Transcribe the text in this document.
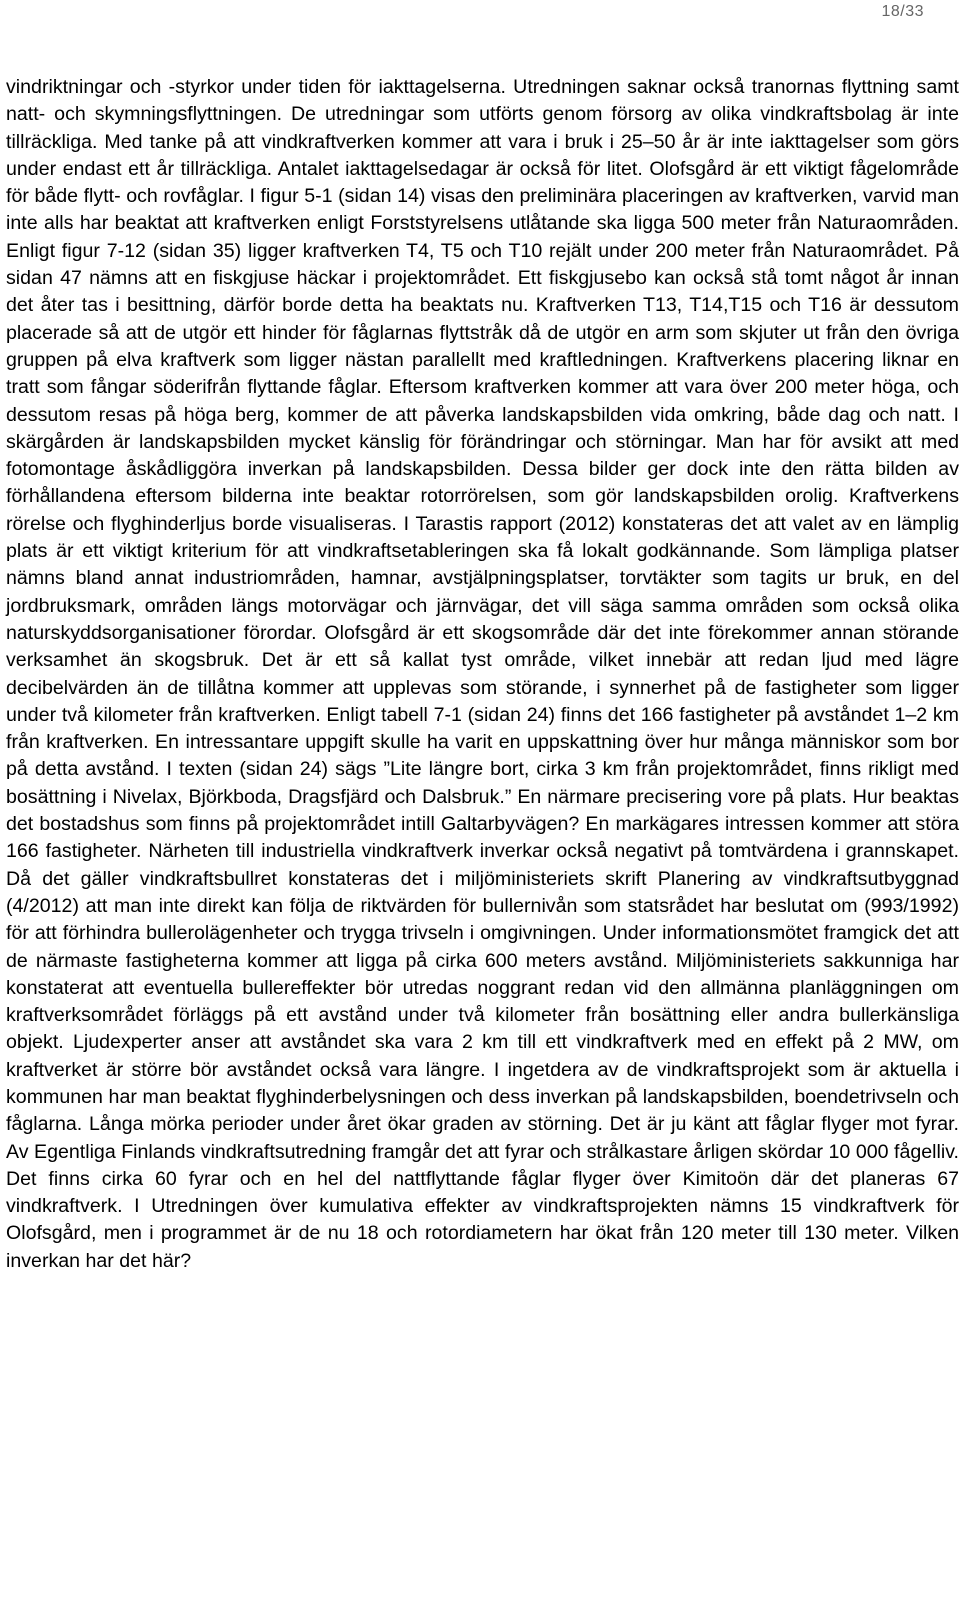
18/33

vindriktningar och -styrkor under tiden för iakttagelserna. Utredningen saknar också tranornas flyttning samt natt- och skymningsflyttningen. De utredningar som utförts genom försorg av olika vindkraftsbolag är inte tillräckliga. Med tanke på att vindkraftverken kommer att vara i bruk i 25–50 år är inte iakttagelser som görs under endast ett år tillräckliga. Antalet iakttagelsedagar är också för litet. Olofsgård är ett viktigt fågelområde för både flytt- och rovfåglar. I figur 5-1 (sidan 14) visas den preliminära placeringen av kraftverken, varvid man inte alls har beaktat att kraftverken enligt Forststyrelsens utlåtande ska ligga 500 meter från Naturaområden. Enligt figur 7-12 (sidan 35) ligger kraftverken T4, T5 och T10 rejält under 200 meter från Naturaområdet. På sidan 47 nämns att en fiskgjuse häckar i projektområdet. Ett fiskgjusebo kan också stå tomt något år innan det åter tas i besittning, därför borde detta ha beaktats nu. Kraftverken T13, T14,T15 och T16 är dessutom placerade så att de utgör ett hinder för fåglarnas flyttstråk då de utgör en arm som skjuter ut från den övriga gruppen på elva kraftverk som ligger nästan parallellt med kraftledningen. Kraftverkens placering liknar en tratt som fångar söderifrån flyttande fåglar. Eftersom kraftverken kommer att vara över 200 meter höga, och dessutom resas på höga berg, kommer de att påverka landskapsbilden vida omkring, både dag och natt. I skärgården är landskapsbilden mycket känslig för förändringar och störningar. Man har för avsikt att med fotomontage åskådliggöra inverkan på landskapsbilden. Dessa bilder ger dock inte den rätta bilden av förhållandena eftersom bilderna inte beaktar rotorrörelsen, som gör landskapsbilden orolig. Kraftverkens rörelse och flyghinderljus borde visualiseras. I Tarastis rapport (2012) konstateras det att valet av en lämplig plats är ett viktigt kriterium för att vindkraftsetableringen ska få lokalt godkännande. Som lämpliga platser nämns bland annat industriområden, hamnar, avstjälpningsplatser, torvtäkter som tagits ur bruk, en del jordbruksmark, områden längs motorvägar och järnvägar, det vill säga samma områden som också olika naturskyddsorganisationer förordar. Olofsgård är ett skogsområde där det inte förekommer annan störande verksamhet än skogsbruk. Det är ett så kallat tyst område, vilket innebär att redan ljud med lägre decibelvärden än de tillåtna kommer att upplevas som störande, i synnerhet på de fastigheter som ligger under två kilometer från kraftverken. Enligt tabell 7-1 (sidan 24) finns det 166 fastigheter på avståndet 1–2 km från kraftverken. En intressantare uppgift skulle ha varit en uppskattning över hur många människor som bor på detta avstånd. I texten (sidan 24) sägs ”Lite längre bort, cirka 3 km från projektområdet, finns rikligt med bosättning i Nivelax, Björkboda, Dragsfjärd och Dalsbruk.” En närmare precisering vore på plats. Hur beaktas det bostadshus som finns på projektområdet intill Galtarbyvägen? En markägares intressen kommer att störa 166 fastigheter. Närheten till industriella vindkraftverk inverkar också negativt på tomtvärdena i grannskapet. Då det gäller vindkraftsbullret konstateras det i miljöministeriets skrift Planering av vindkraftsutbyggnad (4/2012) att man inte direkt kan följa de riktvärden för bullernivån som statsrådet har beslutat om (993/1992) för att förhindra bullerolägenheter och trygga trivseln i omgivningen. Under informationsmötet framgick det att de närmaste fastigheterna kommer att ligga på cirka 600 meters avstånd. Miljöministeriets sakkunniga har konstaterat att eventuella bullereffekter bör utredas noggrant redan vid den allmänna planläggningen om kraftverksområdet förläggs på ett avstånd under två kilometer från bosättning eller andra bullerkänsliga objekt. Ljudexperter anser att avståndet ska vara 2 km till ett vindkraftverk med en effekt på 2 MW, om kraftverket är större bör avståndet också vara längre. I ingetdera av de vindkraftsprojekt som är aktuella i kommunen har man beaktat flyghinderbelysningen och dess inverkan på landskapsbilden, boendetrivseln och fåglarna. Långa mörka perioder under året ökar graden av störning. Det är ju känt att fåglar flyger mot fyrar. Av Egentliga Finlands vindkraftsutredning framgår det att fyrar och strålkastare årligen skördar 10 000 fågelliv. Det finns cirka 60 fyrar och en hel del nattflyttande fåglar flyger över Kimitoön där det planeras 67 vindkraftverk. I Utredningen över kumulativa effekter av vindkraftsprojekten nämns 15 vindkraftverk för Olofsgård, men i programmet är de nu 18 och rotordiametern har ökat från 120 meter till 130 meter. Vilken inverkan har det här?
